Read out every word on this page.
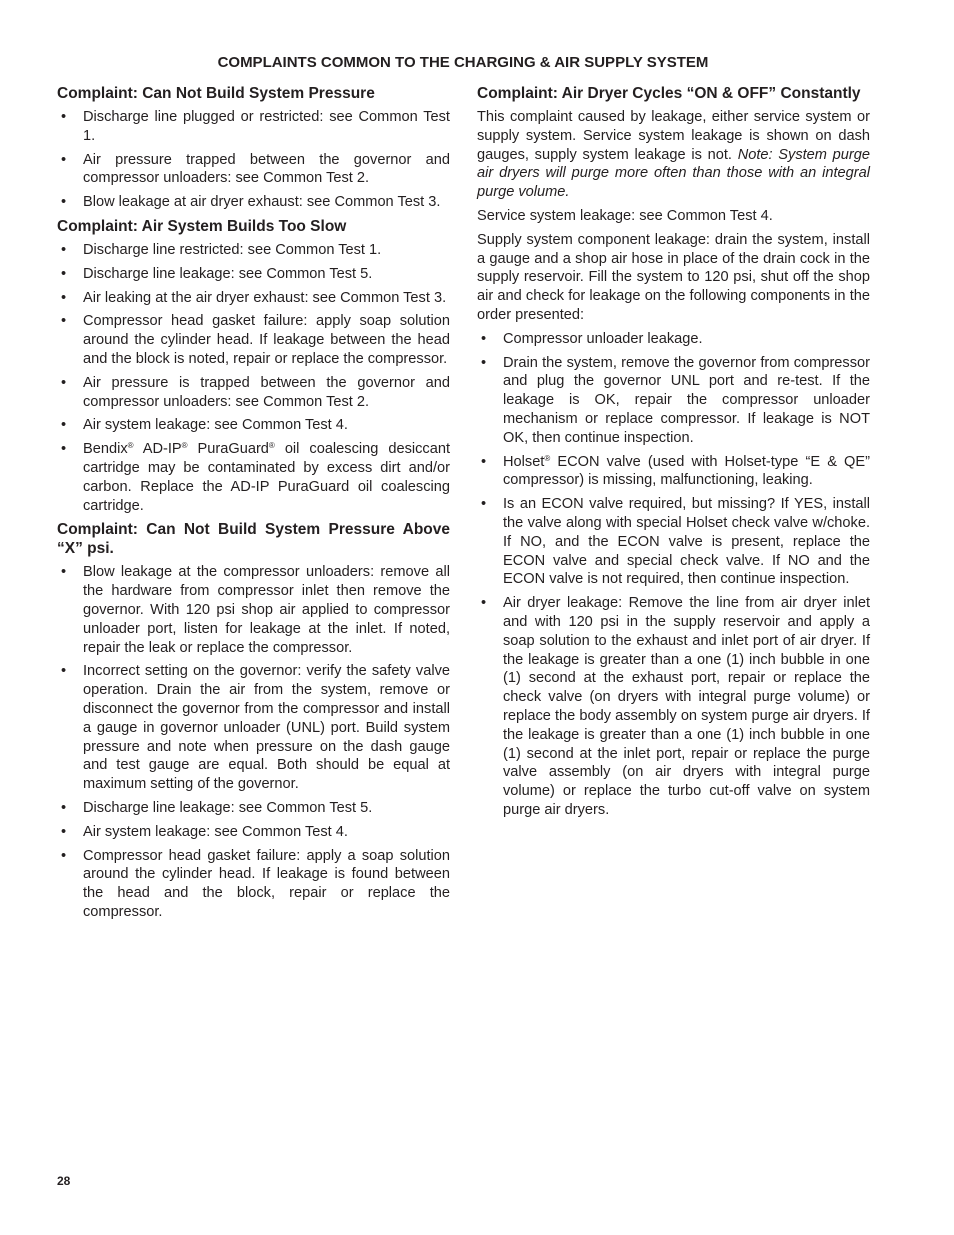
COMPLAINTS COMMON TO THE CHARGING & AIR SUPPLY SYSTEM
Complaint: Can Not Build System Pressure
• Discharge line plugged or restricted: see Common Test 1.
• Air pressure trapped between the governor and compressor unloaders: see Common Test 2.
• Blow leakage at air dryer exhaust: see Common Test 3.
Complaint: Air System Builds Too Slow
• Discharge line restricted: see Common Test 1.
• Discharge line leakage: see Common Test 5.
• Air leaking at the air dryer exhaust: see Common Test 3.
• Compressor head gasket failure: apply soap solution around the cylinder head. If leakage between the head and the block is noted, repair or replace the compressor.
• Air pressure is trapped between the governor and compressor unloaders: see Common Test 2.
• Air system leakage: see Common Test 4.
• Bendix® AD-IP® PuraGuard® oil coalescing desiccant cartridge may be contaminated by excess dirt and/or carbon. Replace the AD-IP PuraGuard oil coalescing cartridge.
Complaint: Can Not Build System Pressure Above “X” psi.
• Blow leakage at the compressor unloaders: remove all the hardware from compressor inlet then remove the governor. With 120 psi shop air applied to compressor unloader port, listen for leakage at the inlet. If noted, repair the leak or replace the compressor.
• Incorrect setting on the governor: verify the safety valve operation. Drain the air from the system, remove or disconnect the governor from the compressor and install a gauge in governor unloader (UNL) port. Build system pressure and note when pressure on the dash gauge and test gauge are equal. Both should be equal at maximum setting of the governor.
• Discharge line leakage: see Common Test 5.
• Air system leakage: see Common Test 4.
• Compressor head gasket failure: apply a soap solution around the cylinder head. If leakage is found between the head and the block, repair or replace the compressor.
Complaint: Air Dryer Cycles “ON & OFF” Constantly

This complaint caused by leakage, either service system or supply system. Service system leakage is shown on dash gauges, supply system leakage is not. Note: System purge air dryers will purge more often than those with an integral purge volume.

Service system leakage: see Common Test 4.

Supply system component leakage: drain the system, install a gauge and a shop air hose in place of the drain cock in the supply reservoir. Fill the system to 120 psi, shut off the shop air and check for leakage on the following components in the order presented:

• Compressor unloader leakage.
• Drain the system, remove the governor from compressor and plug the governor UNL port and re-test. If the leakage is OK, repair the compressor unloader mechanism or replace compressor. If leakage is NOT OK, then continue inspection.
• Holset® ECON valve (used with Holset-type “E & QE” compressor) is missing, malfunctioning, leaking.
• Is an ECON valve required, but missing? If YES, install the valve along with special Holset check valve w/choke. If NO, and the ECON valve is present, replace the ECON valve and special check valve. If NO and the ECON valve is not required, then continue inspection.
• Air dryer leakage: Remove the line from air dryer inlet and with 120 psi in the supply reservoir and apply a soap solution to the exhaust and inlet port of air dryer. If the leakage is greater than a one (1) inch bubble in one (1) second at the exhaust port, repair or replace the check valve (on dryers with integral purge volume) or replace the body assembly on system purge air dryers. If the leakage is greater than a one (1) inch bubble in one (1) second at the inlet port, repair or replace the purge valve assembly (on air dryers with integral purge volume) or replace the turbo cut-off valve on system purge air dryers.
28
